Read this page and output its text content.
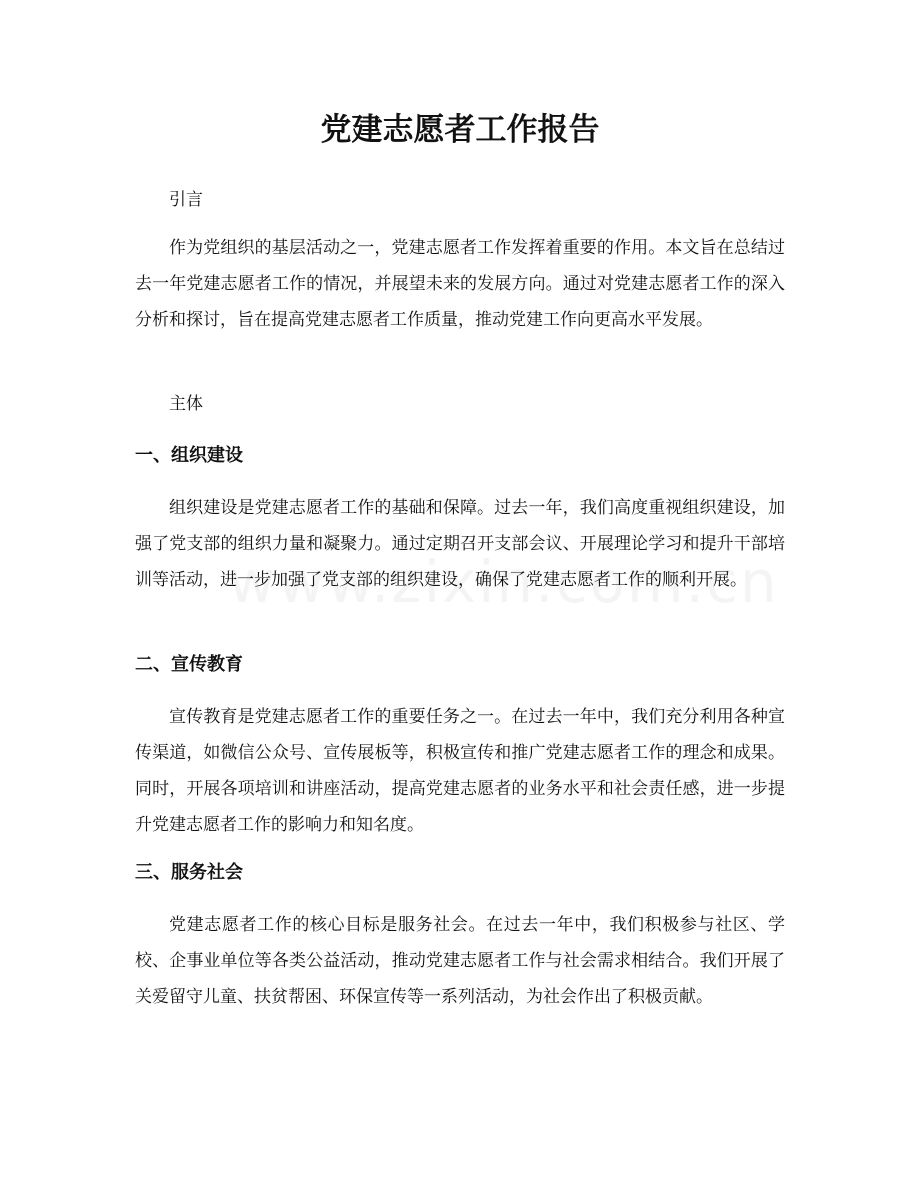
党建志愿者工作报告

引言

作为党组织的基层活动之一，党建志愿者工作发挥着重要的作用。本文旨在总结过去一年党建志愿者工作的情况，并展望未来的发展方向。通过对党建志愿者工作的深入分析和探讨，旨在提高党建志愿者工作质量，推动党建工作向更高水平发展。

主体

一、组织建设

组织建设是党建志愿者工作的基础和保障。过去一年，我们高度重视组织建设，加强了党支部的组织力量和凝聚力。通过定期召开支部会议、开展理论学习和提升干部培训等活动，进一步加强了党支部的组织建设，确保了党建志愿者工作的顺利开展。

二、宣传教育

宣传教育是党建志愿者工作的重要任务之一。在过去一年中，我们充分利用各种宣传渠道，如微信公众号、宣传展板等，积极宣传和推广党建志愿者工作的理念和成果。同时，开展各项培训和讲座活动，提高党建志愿者的业务水平和社会责任感，进一步提升党建志愿者工作的影响力和知名度。

三、服务社会

党建志愿者工作的核心目标是服务社会。在过去一年中，我们积极参与社区、学校、企事业单位等各类公益活动，推动党建志愿者工作与社会需求相结合。我们开展了关爱留守儿童、扶贫帮困、环保宣传等一系列活动，为社会作出了积极贡献。
